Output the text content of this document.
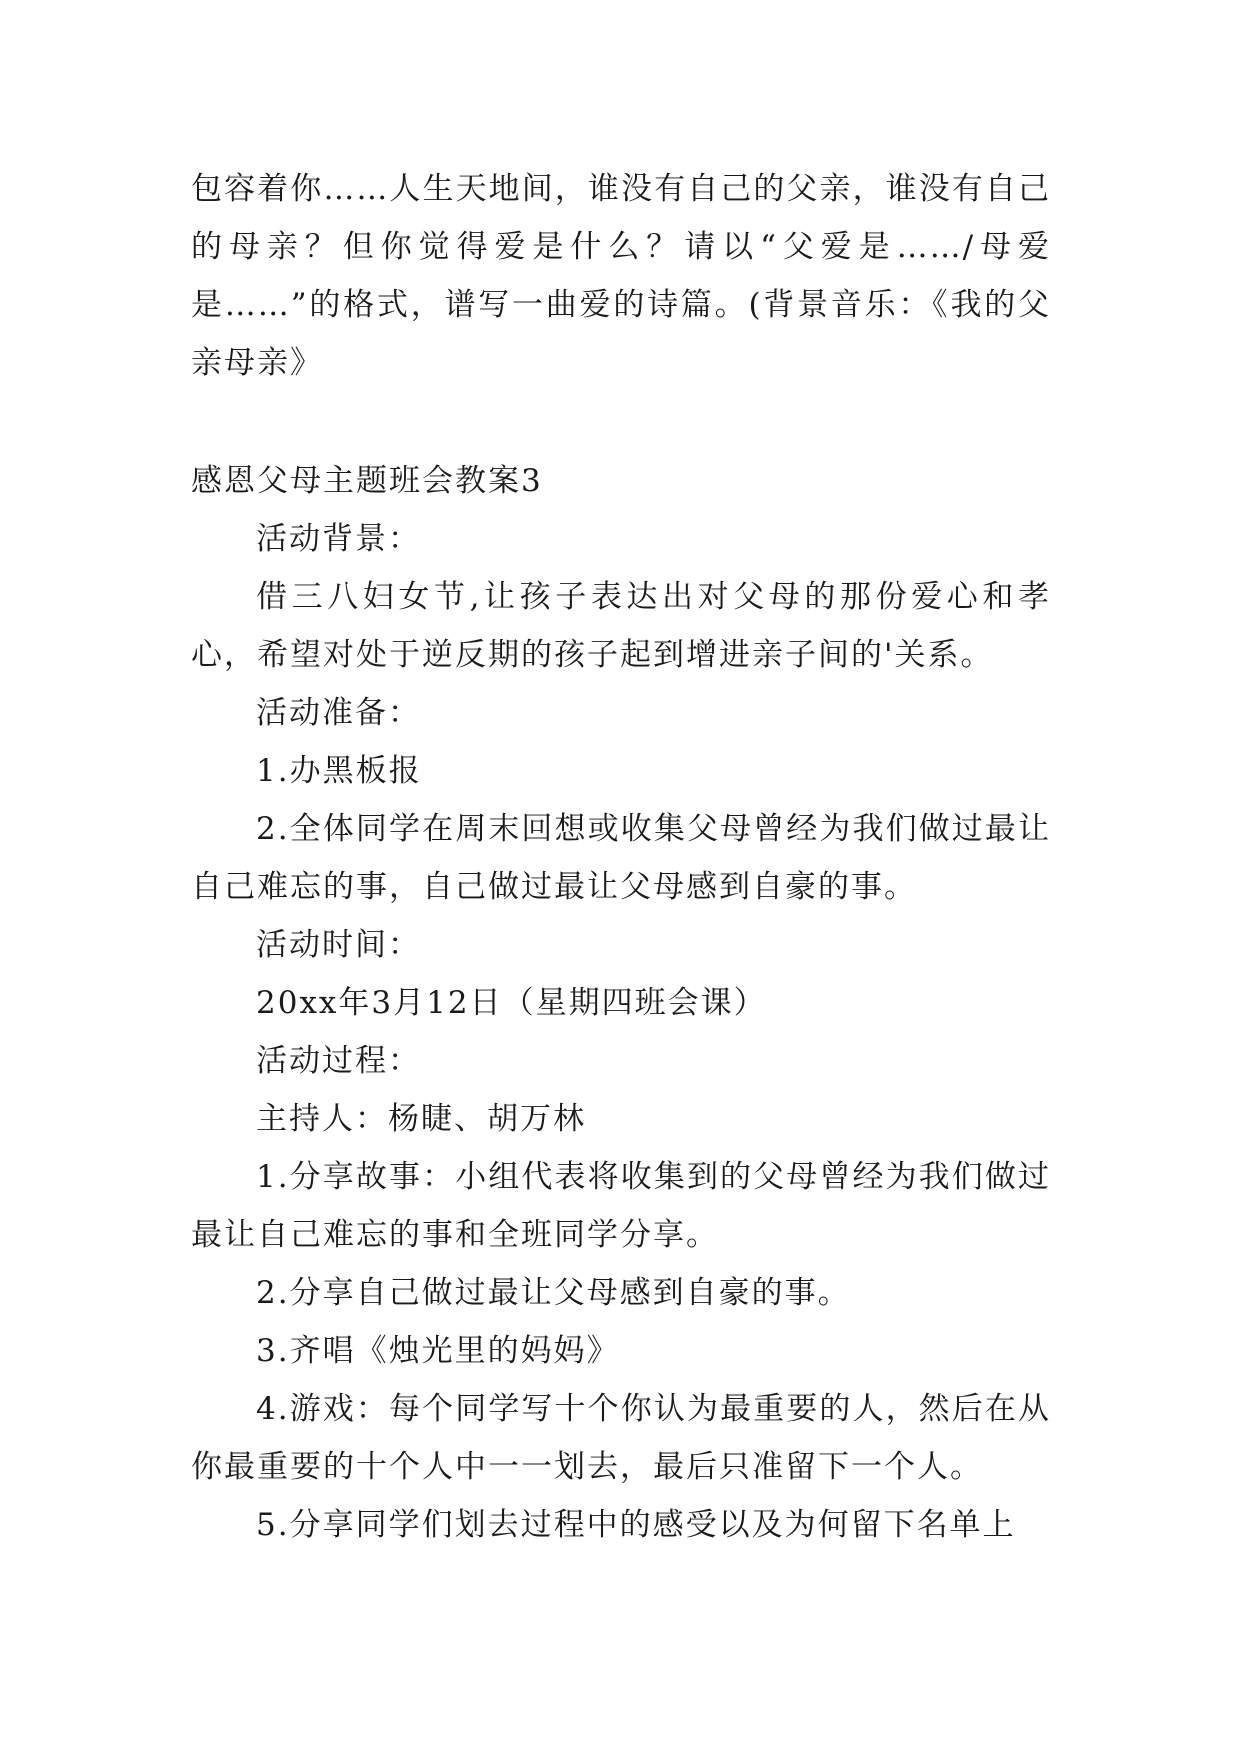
包容着你……人生天地间，谁没有自己的父亲，谁没有自己的母亲？但你觉得爱是什么？请以“父爱是……/母爱是……”的格式，谱写一曲爱的诗篇。(背景音乐：《我的父亲母亲》

感恩父母主题班会教案3

活动背景：

借三八妇女节,让孩子表达出对父母的那份爱心和孝心，希望对处于逆反期的孩子起到增进亲子间的'关系。

活动准备：

1.办黑板报

2.全体同学在周末回想或收集父母曾经为我们做过最让自己难忘的事，自己做过最让父母感到自豪的事。

活动时间：

20xx年3月12日（星期四班会课）

活动过程：

主持人：杨睫、胡万林

1.分享故事：小组代表将收集到的父母曾经为我们做过最让自己难忘的事和全班同学分享。

2.分享自己做过最让父母感到自豪的事。

3.齐唱《烛光里的妈妈》

4.游戏：每个同学写十个你认为最重要的人，然后在从你最重要的十个人中一一划去，最后只准留下一个人。

5.分享同学们划去过程中的感受以及为何留下名单上
